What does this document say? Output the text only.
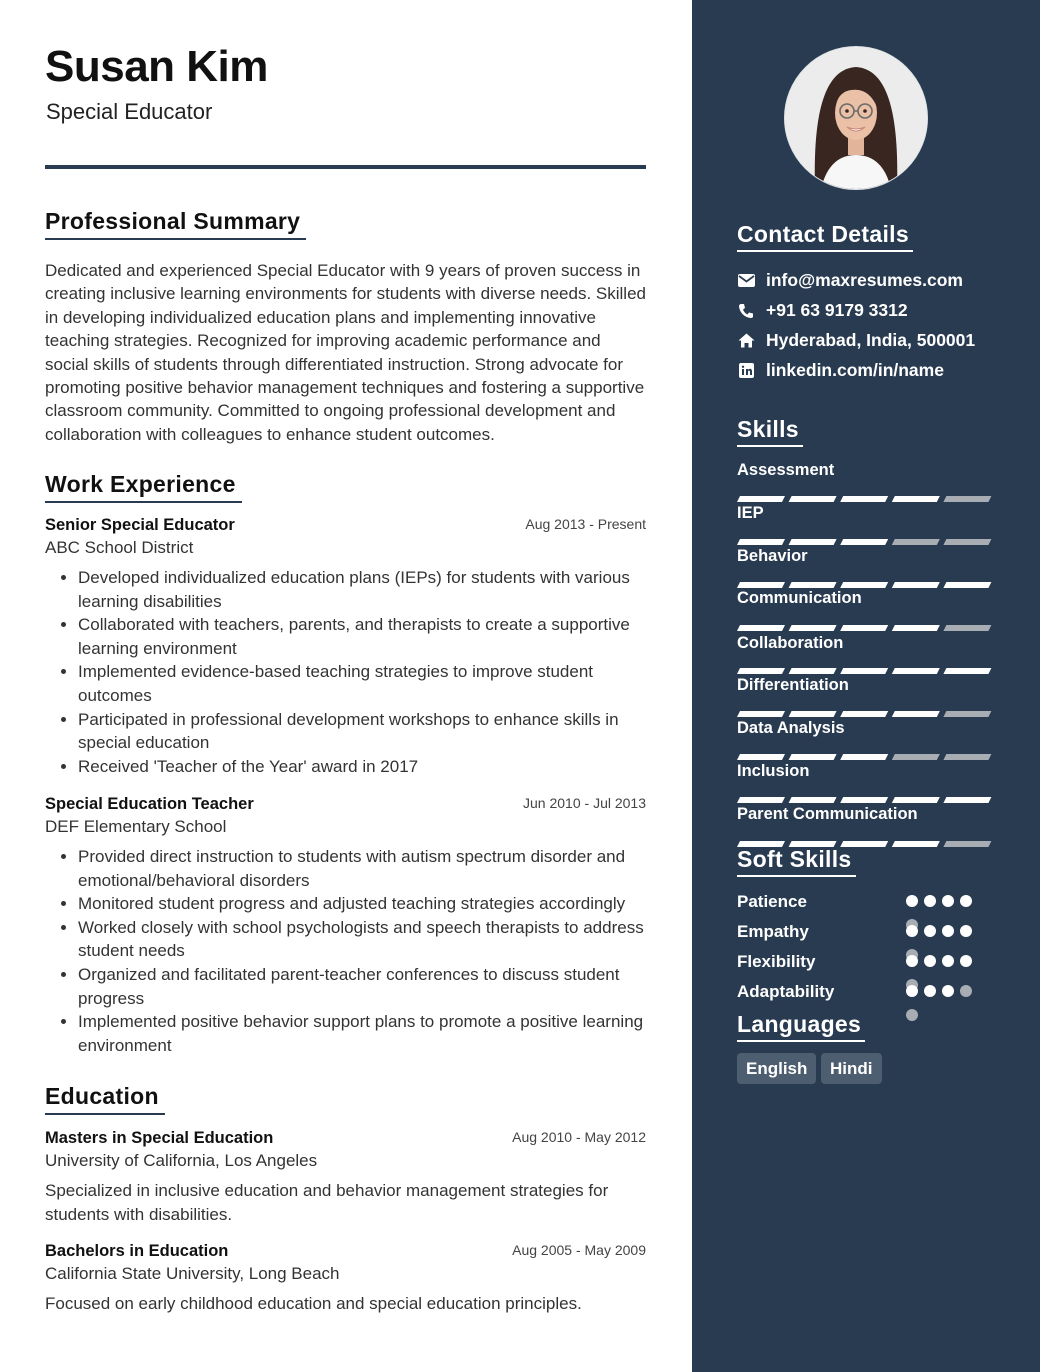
Susan Kim
Special Educator
Professional Summary
Dedicated and experienced Special Educator with 9 years of proven success in creating inclusive learning environments for students with diverse needs. Skilled in developing individualized education plans and implementing innovative teaching strategies. Recognized for improving academic performance and social skills of students through differentiated instruction. Strong advocate for promoting positive behavior management techniques and fostering a supportive classroom community. Committed to ongoing professional development and collaboration with colleagues to enhance student outcomes.
Work Experience
Senior Special Educator	Aug 2013 - Present
ABC School District
• Developed individualized education plans (IEPs) for students with various learning disabilities
• Collaborated with teachers, parents, and therapists to create a supportive learning environment
• Implemented evidence-based teaching strategies to improve student outcomes
• Participated in professional development workshops to enhance skills in special education
• Received 'Teacher of the Year' award in 2017
Special Education Teacher	Jun 2010 - Jul 2013
DEF Elementary School
• Provided direct instruction to students with autism spectrum disorder and emotional/behavioral disorders
• Monitored student progress and adjusted teaching strategies accordingly
• Worked closely with school psychologists and speech therapists to address student needs
• Organized and facilitated parent-teacher conferences to discuss student progress
• Implemented positive behavior support plans to promote a positive learning environment
Education
Masters in Special Education	Aug 2010 - May 2012
University of California, Los Angeles
Specialized in inclusive education and behavior management strategies for students with disabilities.
Bachelors in Education	Aug 2005 - May 2009
California State University, Long Beach
Focused on early childhood education and special education principles.
Contact Details
info@maxresumes.com
+91 63 9179 3312
Hyderabad, India, 500001
linkedin.com/in/name
Skills
Assessment
IEP
Behavior
Communication
Collaboration
Differentiation
Data Analysis
Inclusion
Parent Communication
Soft Skills
Patience
Empathy
Flexibility
Adaptability
Languages
English	Hindi
